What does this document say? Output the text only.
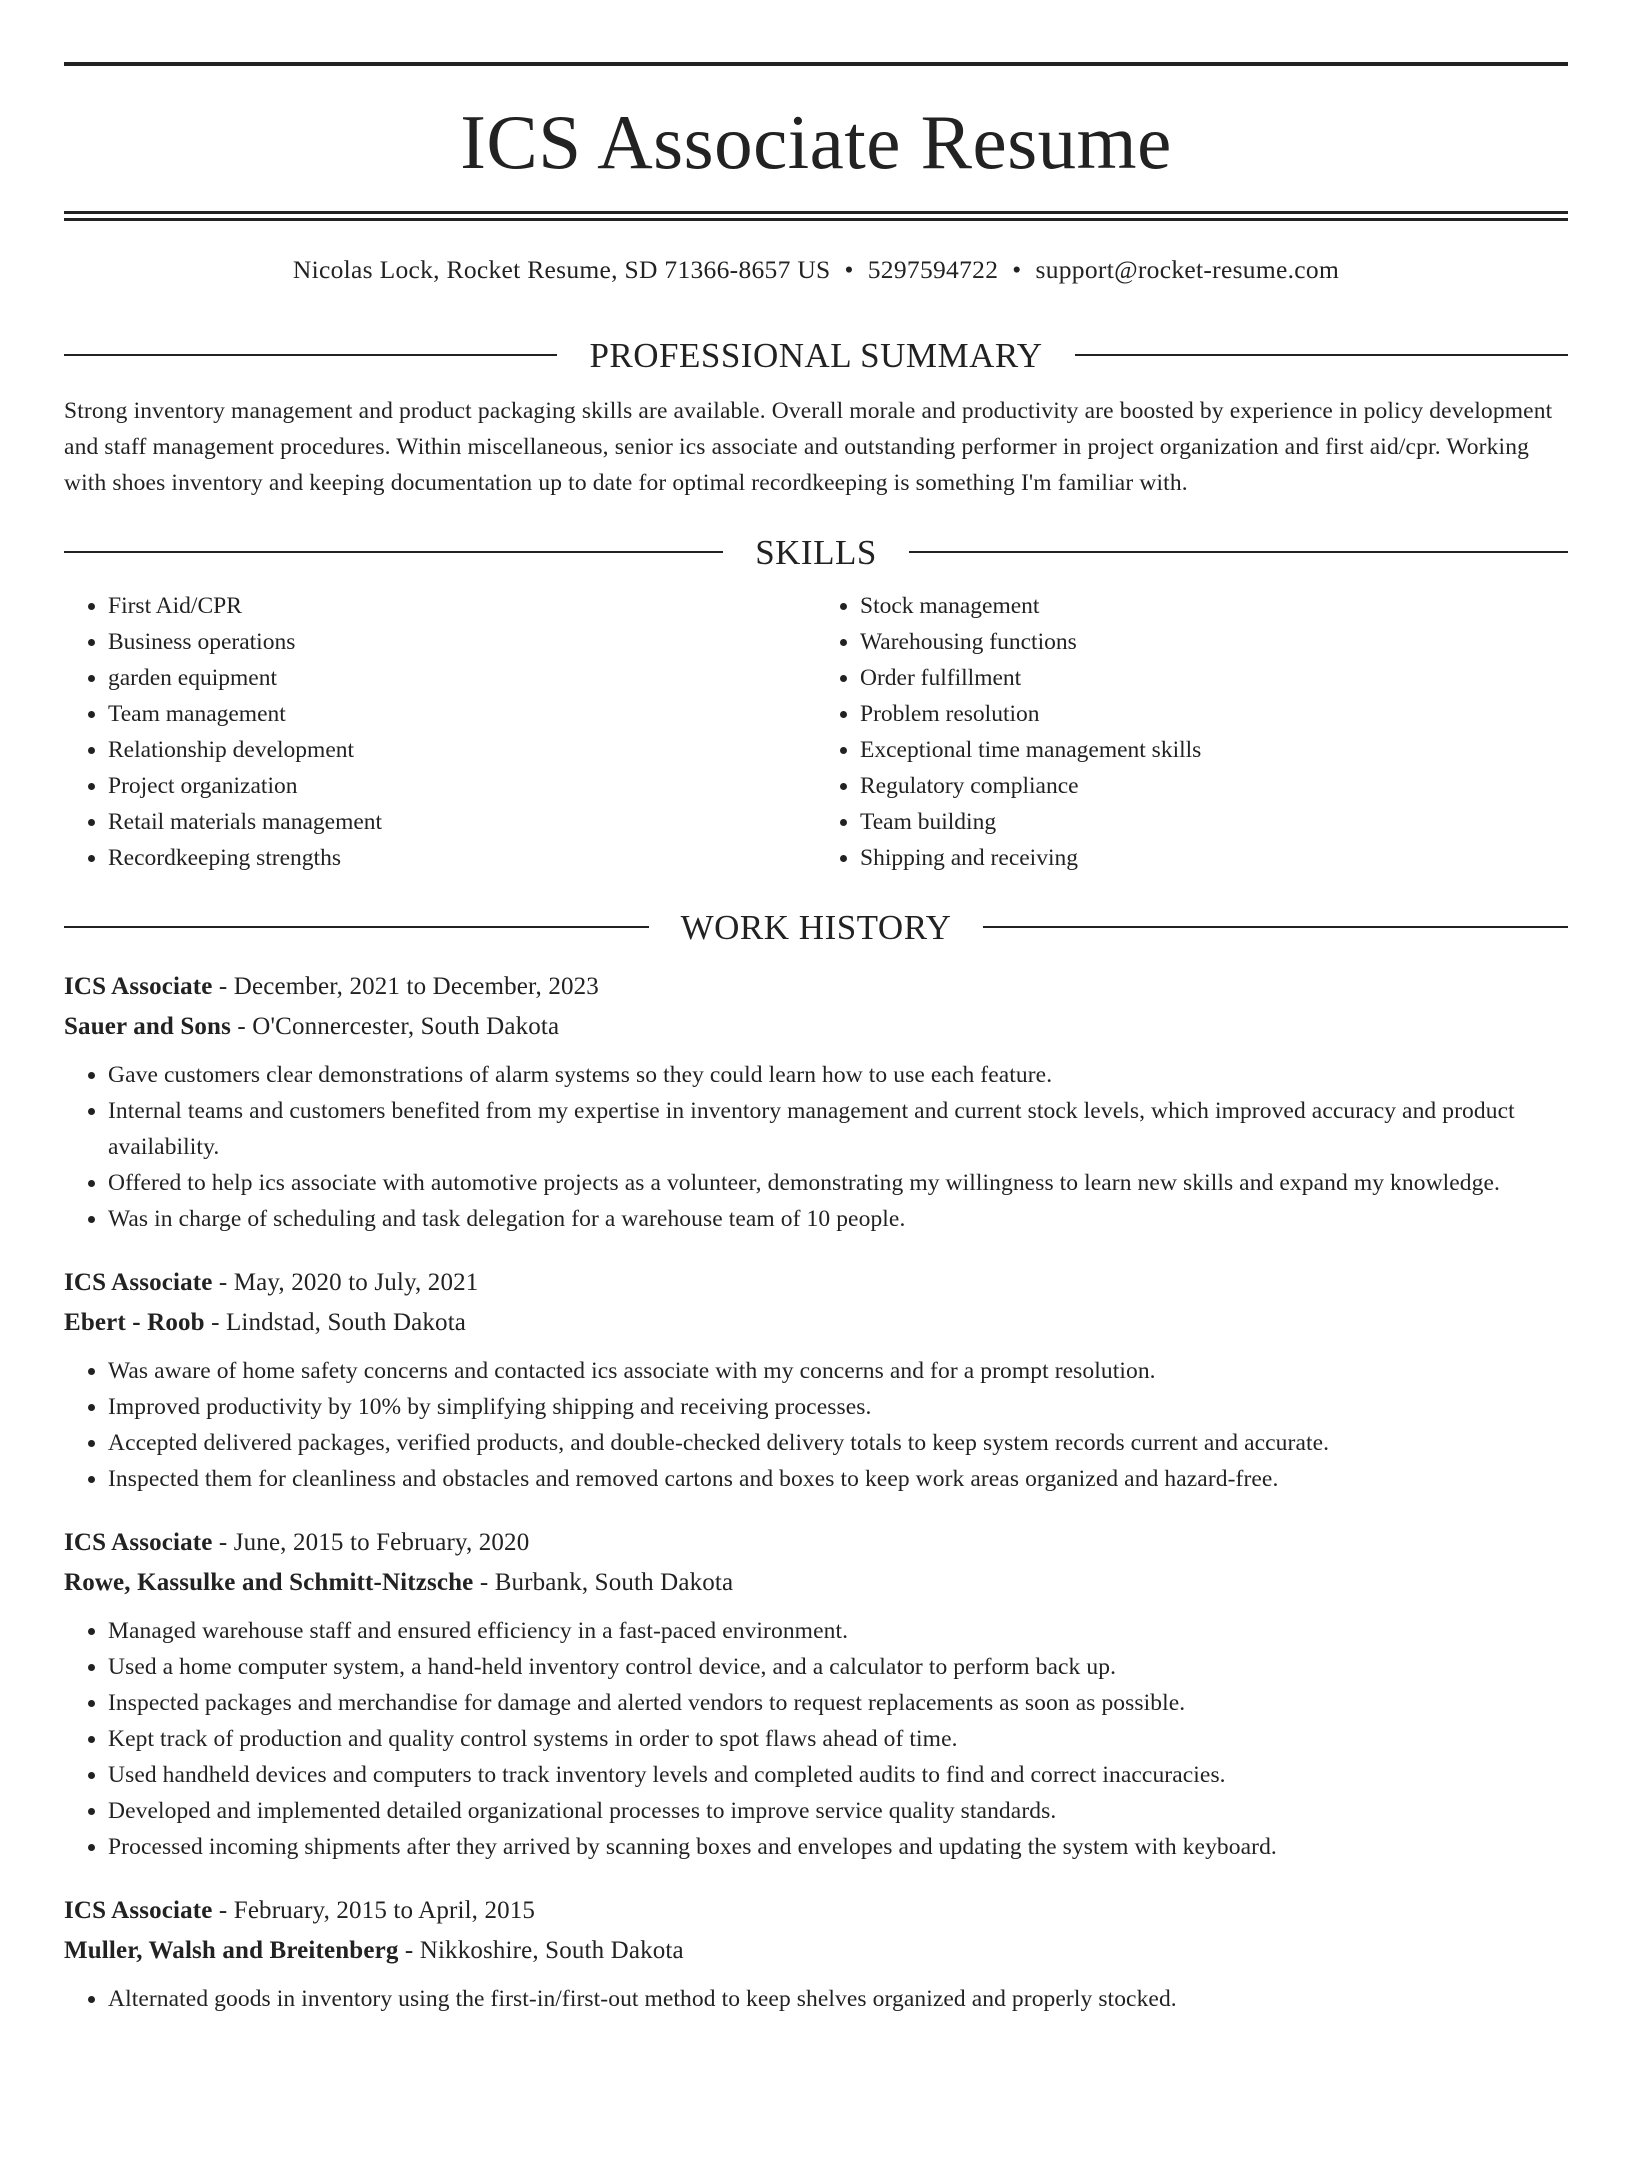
ICS Associate Resume
Nicolas Lock, Rocket Resume, SD 71366-8657 US • 5297594722 • support@rocket-resume.com
PROFESSIONAL SUMMARY
Strong inventory management and product packaging skills are available. Overall morale and productivity are boosted by experience in policy development and staff management procedures. Within miscellaneous, senior ics associate and outstanding performer in project organization and first aid/cpr. Working with shoes inventory and keeping documentation up to date for optimal recordkeeping is something I'm familiar with.
SKILLS
• First Aid/CPR
• Business operations
• garden equipment
• Team management
• Relationship development
• Project organization
• Retail materials management
• Recordkeeping strengths
• Stock management
• Warehousing functions
• Order fulfillment
• Problem resolution
• Exceptional time management skills
• Regulatory compliance
• Team building
• Shipping and receiving
WORK HISTORY
ICS Associate - December, 2021 to December, 2023
Sauer and Sons - O'Connercester, South Dakota
• Gave customers clear demonstrations of alarm systems so they could learn how to use each feature.
• Internal teams and customers benefited from my expertise in inventory management and current stock levels, which improved accuracy and product availability.
• Offered to help ics associate with automotive projects as a volunteer, demonstrating my willingness to learn new skills and expand my knowledge.
• Was in charge of scheduling and task delegation for a warehouse team of 10 people.
ICS Associate - May, 2020 to July, 2021
Ebert - Roob - Lindstad, South Dakota
• Was aware of home safety concerns and contacted ics associate with my concerns and for a prompt resolution.
• Improved productivity by 10% by simplifying shipping and receiving processes.
• Accepted delivered packages, verified products, and double-checked delivery totals to keep system records current and accurate.
• Inspected them for cleanliness and obstacles and removed cartons and boxes to keep work areas organized and hazard-free.
ICS Associate - June, 2015 to February, 2020
Rowe, Kassulke and Schmitt-Nitzsche - Burbank, South Dakota
• Managed warehouse staff and ensured efficiency in a fast-paced environment.
• Used a home computer system, a hand-held inventory control device, and a calculator to perform back up.
• Inspected packages and merchandise for damage and alerted vendors to request replacements as soon as possible.
• Kept track of production and quality control systems in order to spot flaws ahead of time.
• Used handheld devices and computers to track inventory levels and completed audits to find and correct inaccuracies.
• Developed and implemented detailed organizational processes to improve service quality standards.
• Processed incoming shipments after they arrived by scanning boxes and envelopes and updating the system with keyboard.
ICS Associate - February, 2015 to April, 2015
Muller, Walsh and Breitenberg - Nikkoshire, South Dakota
• Alternated goods in inventory using the first-in/first-out method to keep shelves organized and properly stocked.
